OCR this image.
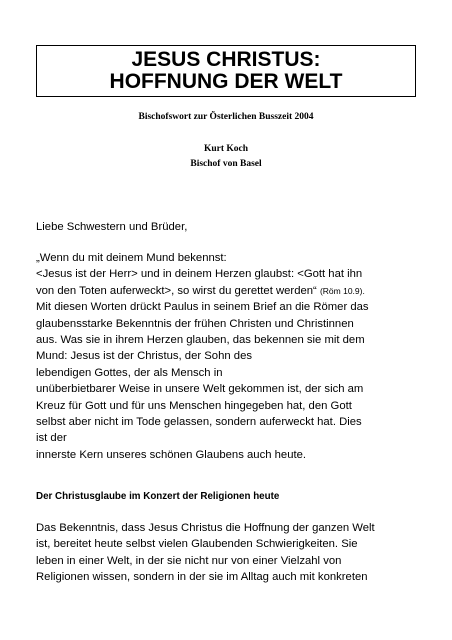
JESUS CHRISTUS:
HOFFNUNG DER WELT
Bischofswort zur Österlichen Busszeit 2004
Kurt Koch
Bischof von Basel
Liebe Schwestern und Brüder,
„Wenn du mit deinem Mund bekennst:
<Jesus ist der Herr> und in deinem Herzen glaubst: <Gott hat ihn
von den Toten auferweckt>, so wirst du gerettet werden“ (Röm 10.9).
Mit diesen Worten drückt Paulus in seinem Brief an die Römer das
glaubensstarke Bekenntnis der frühen Christen und Christinnen
aus. Was sie in ihrem Herzen glauben, das bekennen sie mit dem
Mund: Jesus ist der Christus, der Sohn des
lebendigen Gottes, der als Mensch in
unüberbietbarer Weise in unsere Welt gekommen ist, der sich am
Kreuz für Gott und für uns Menschen hingegeben hat, den Gott
selbst aber nicht im Tode gelassen, sondern auferweckt hat. Dies
ist der
innerste Kern unseres schönen Glaubens auch heute.
Der Christusglaube im Konzert der Religionen heute
Das Bekenntnis, dass Jesus Christus die Hoffnung der ganzen Welt
ist, bereitet heute selbst vielen Glaubenden Schwierigkeiten. Sie
leben in einer Welt, in der sie nicht nur von einer Vielzahl von
Religionen wissen, sondern in der sie im Alltag auch mit konkreten
